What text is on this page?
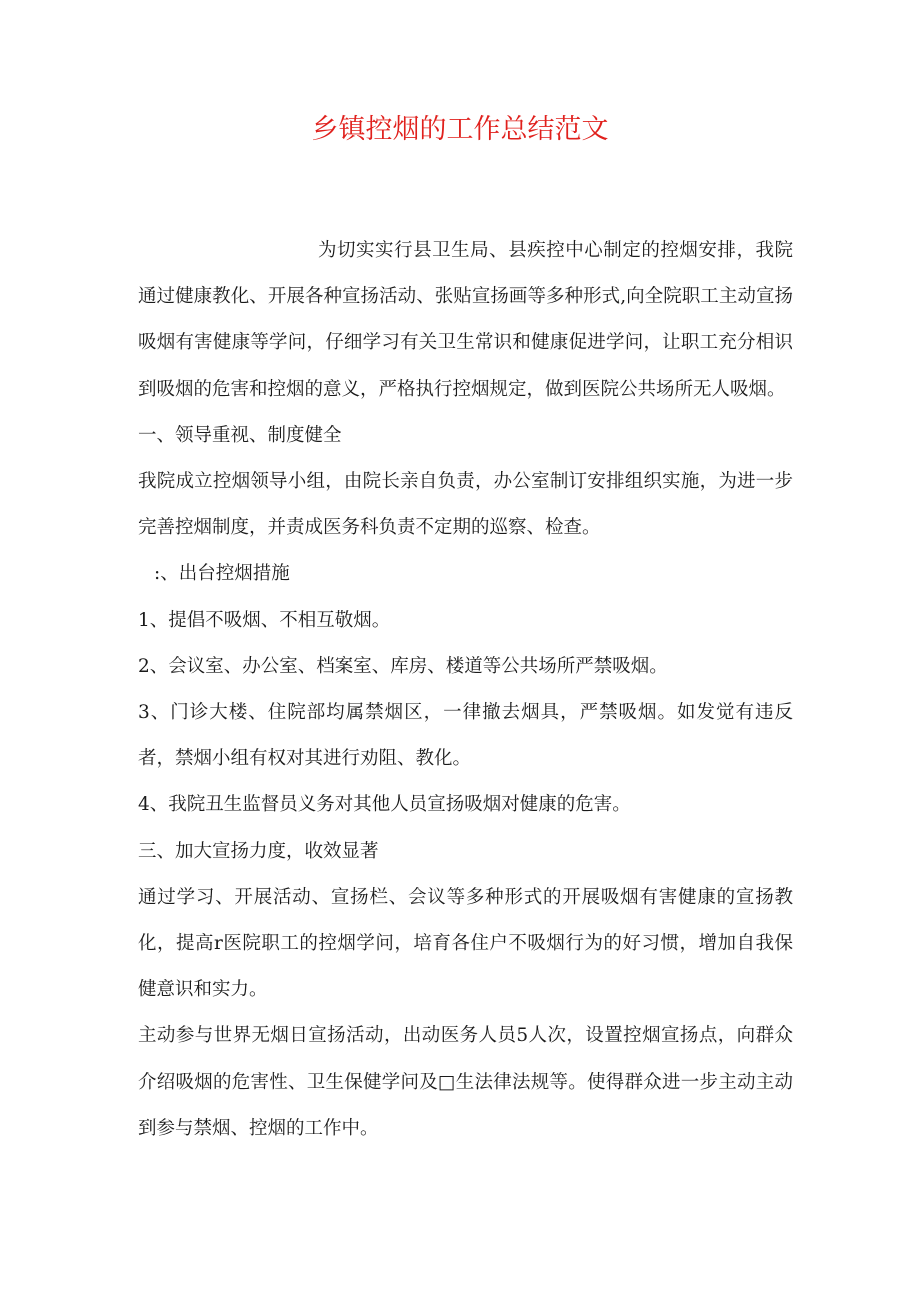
乡镇控烟的工作总结范文

为切实实行县卫生局、县疾控中心制定的控烟安排，我院通过健康教化、开展各种宣扬活动、张贴宣扬画等多种形式,向全院职工主动宣扬吸烟有害健康等学问，仔细学习有关卫生常识和健康促进学问，让职工充分相识到吸烟的危害和控烟的意义，严格执行控烟规定，做到医院公共场所无人吸烟。

一、领导重视、制度健全

我院成立控烟领导小组，由院长亲自负责，办公室制订安排组织实施，为进一步完善控烟制度，并责成医务科负责不定期的巡察、检查。

:、出台控烟措施

1、提倡不吸烟、不相互敬烟。

2、会议室、办公室、档案室、库房、楼道等公共场所严禁吸烟。

3、门诊大楼、住院部均属禁烟区，一律撤去烟具，严禁吸烟。如发觉有违反者，禁烟小组有权对其进行劝阻、教化。

4、我院丑生监督员义务对其他人员宣扬吸烟对健康的危害。

三、加大宣扬力度，收效显著

通过学习、开展活动、宣扬栏、会议等多种形式的开展吸烟有害健康的宣扬教化，提高r医院职工的控烟学问，培育各住户不吸烟行为的好习惯，增加自我保健意识和实力。

主动参与世界无烟日宣扬活动，出动医务人员5人次，设置控烟宣扬点，向群众介绍吸烟的危害性、卫生保健学问及□生法律法规等。使得群众进一步主动主动到参与禁烟、控烟的工作中。
